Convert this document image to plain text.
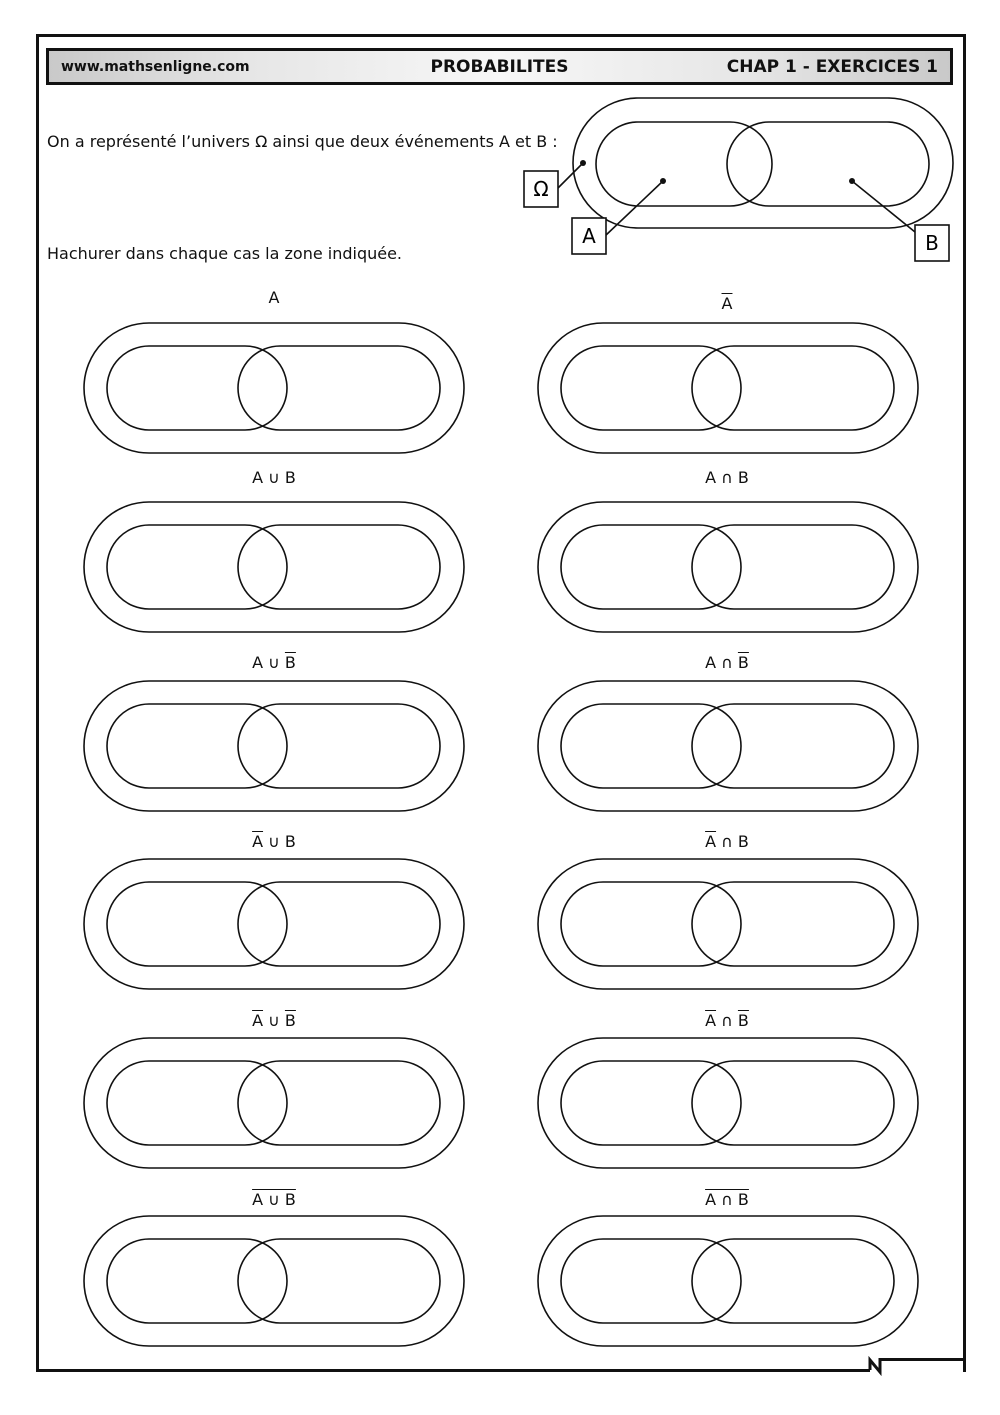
www.mathsenligne.com	PROBABILITES	CHAP 1 - EXERCICES 1
On a représenté l’univers Ω ainsi que deux événements A et B :
Hachurer dans chaque cas la zone indiquée.
Ω
A	B
A	$\overline{A}$
A ∪ B	A ∩ B
A ∪ $\overline{B}$	A ∩ $\overline{B}$
$\overline{A}$ ∪ B	$\overline{A}$ ∩ B
$\overline{A}$ ∪ $\overline{B}$	$\overline{A}$ ∩ $\overline{B}$
A ∪ B	A ∩ B
